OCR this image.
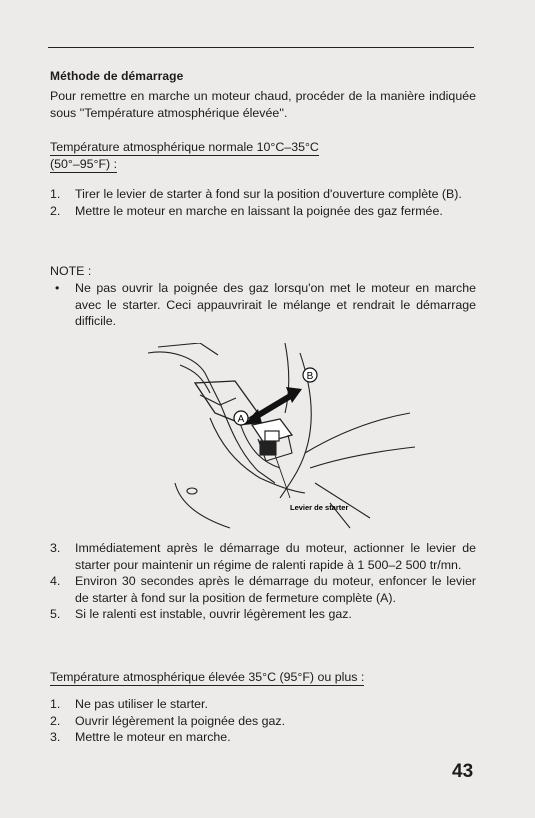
Méthode de démarrage
Pour remettre en marche un moteur chaud, procéder de la manière indiquée sous ''Température atmosphérique élevée''.
Température atmosphérique normale 10°C–35°C
(50°–95°F) :
1.	Tirer le levier de starter à fond sur la position d'ouverture complète (B).
2.	Mettre le moteur en marche en laissant la poignée des gaz fermée.
NOTE :
•	Ne pas ouvrir la poignée des gaz lorsqu'on met le moteur en marche avec le starter. Ceci appauvrirait le mélange et rendrait le démarrage difficile.
A
B
Levier de starter
3.	Immédiatement après le démarrage du moteur, actionner le levier de starter pour maintenir un régime de ralenti rapide à 1 500–2 500 tr/mn.
4.	Environ 30 secondes après le démarrage du moteur, enfoncer le levier de starter à fond sur la position de fermeture complète (A).
5.	Si le ralenti est instable, ouvrir légèrement les gaz.
Température atmosphérique élevée 35°C (95°F) ou plus :
1.	Ne pas utiliser le starter.
2.	Ouvrir légèrement la poignée des gaz.
3.	Mettre le moteur en marche.
43
